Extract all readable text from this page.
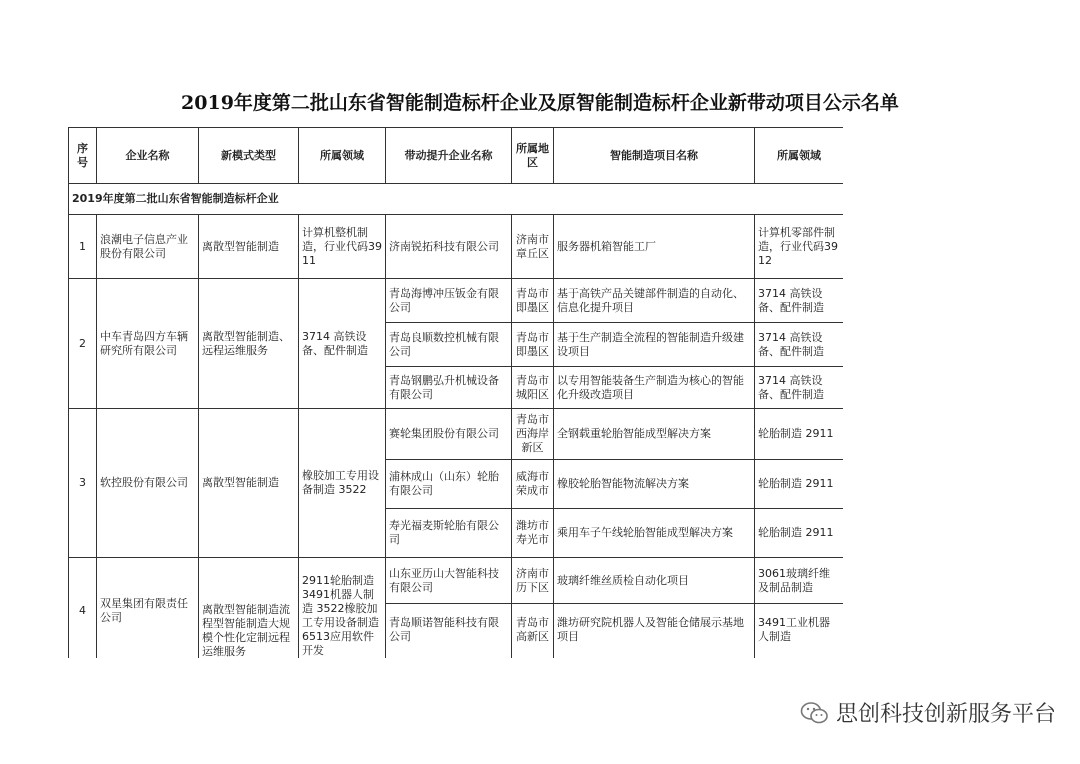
2019年度第二批山东省智能制造标杆企业及原智能制造标杆企业新带动项目公示名单
序号	企业名称	新模式类型	所属领域	带动提升企业名称	所属地区	智能制造项目名称	所属领域
2019年度第二批山东省智能制造标杆企业							
1	浪潮电子信息产业股份有限公司	离散型智能制造	计算机整机制造，行业代码3911	济南锐拓科技有限公司	济南市章丘区	服务器机箱智能工厂	计算机零部件制造，行业代码3912
2	中车青岛四方车辆研究所有限公司	离散型智能制造、远程运维服务	3714 高铁设备、配件制造	青岛海博冲压钣金有限公司	青岛市即墨区	基于高铁产品关键部件制造的自动化、信息化提升项目	3714 高铁设备、配件制造
				青岛良顺数控机械有限公司	青岛市即墨区	基于生产制造全流程的智能制造升级建设项目	3714 高铁设备、配件制造
				青岛钢鹏弘升机械设备有限公司	青岛市城阳区	以专用智能装备生产制造为核心的智能化升级改造项目	3714 高铁设备、配件制造
3	软控股份有限公司	离散型智能制造	橡胶加工专用设备制造 3522	赛轮集团股份有限公司	青岛市西海岸新区	全钢载重轮胎智能成型解决方案	轮胎制造 2911
				浦林成山（山东）轮胎有限公司	威海市荣成市	橡胶轮胎智能物流解决方案	轮胎制造 2911
				寿光福麦斯轮胎有限公司	潍坊市寿光市	乘用车子午线轮胎智能成型解决方案	轮胎制造 2911
4	双星集团有限责任公司	离散型智能制造流程型智能制造大规模个性化定制远程运维服务	2911轮胎制造 3491机器人制造 3522橡胶加工专用设备制造 6513应用软件开发	山东亚历山大智能科技有限公司	济南市历下区	玻璃纤维丝质检自动化项目	3061玻璃纤维及制品制造
				青岛顺诺智能科技有限公司	青岛市高新区	潍坊研究院机器人及智能仓储展示基地项目	3491工业机器人制造
思创科技创新服务平台
